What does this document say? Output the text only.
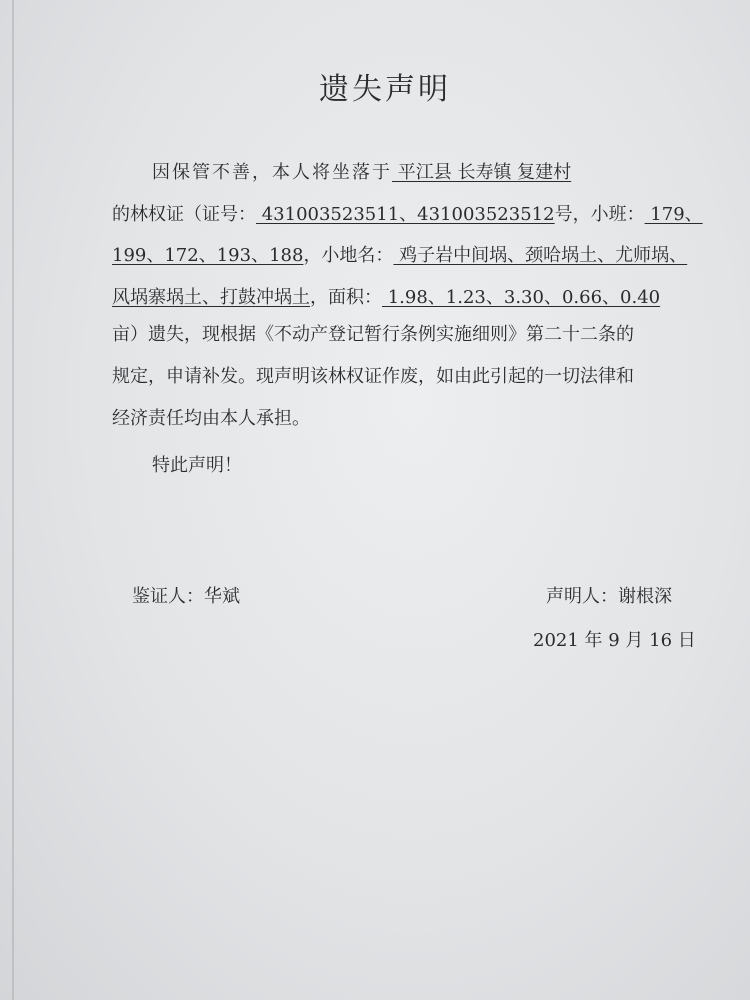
遗失声明
因保管不善，本人将坐落于 平江县 长寿镇 复建村
的林权证（证号： 431003523511、431003523512号，小班： 179、
199、172、193、188，小地名： 鸡子岩中间埚、颈哈埚土、尤师埚、
风埚寨埚土、打鼓冲埚土，面积： 1.98、1.23、3.30、0.66、0.40
亩）遗失，现根据《不动产登记暂行条例实施细则》第二十二条的
规定，申请补发。现声明该林权证作废，如由此引起的一切法律和
经济责任均由本人承担。
特此声明！
鉴证人：华斌	声明人：谢根深
2021 年 9 月 16 日
